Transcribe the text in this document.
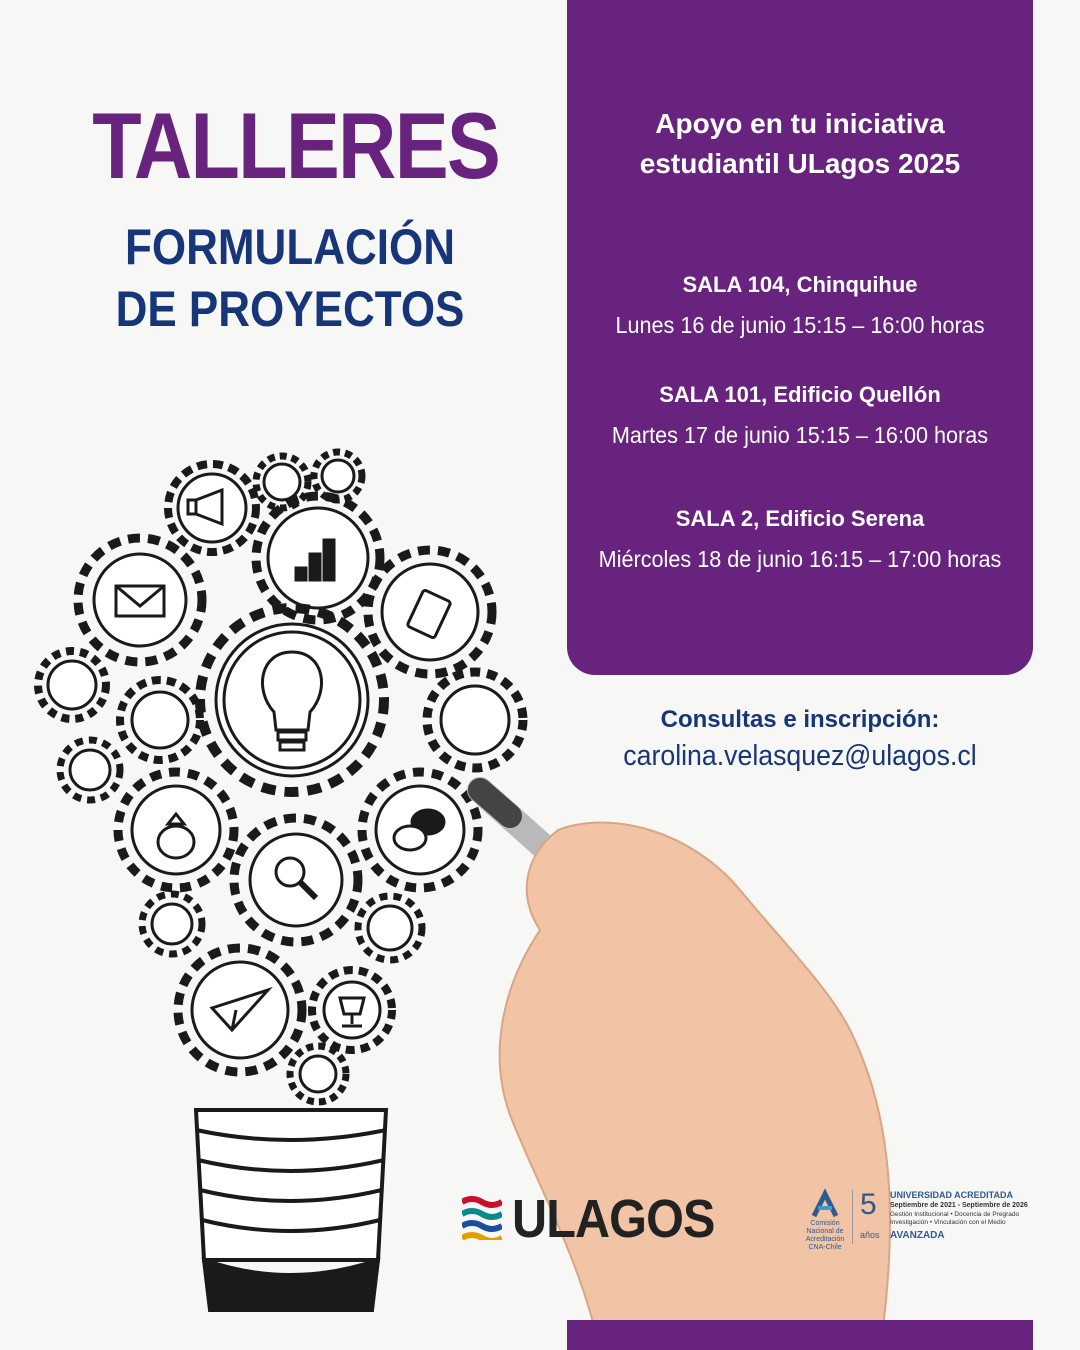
TALLERES
FORMULACIÓN
DE PROYECTOS
Apoyo en tu iniciativa
estudiantil ULagos 2025
SALA 104, Chinquihue
Lunes 16 de junio 15:15 – 16:00 horas
SALA 101, Edificio Quellón
Martes 17 de junio 15:15 – 16:00 horas
SALA 2, Edificio Serena
Miércoles 18 de junio 16:15 – 17:00 horas
Consultas e inscripción:
carolina.velasquez@ulagos.cl
ULAGOS	Comisión Nacional de Acreditación CNA-Chile
5
años
UNIVERSIDAD ACREDITADA
Septiembre de 2021 - Septiembre de 2026
Gestión Institucional • Docencia de Pregrado Investigación • Vinculación con el Medio
AVANZADA
